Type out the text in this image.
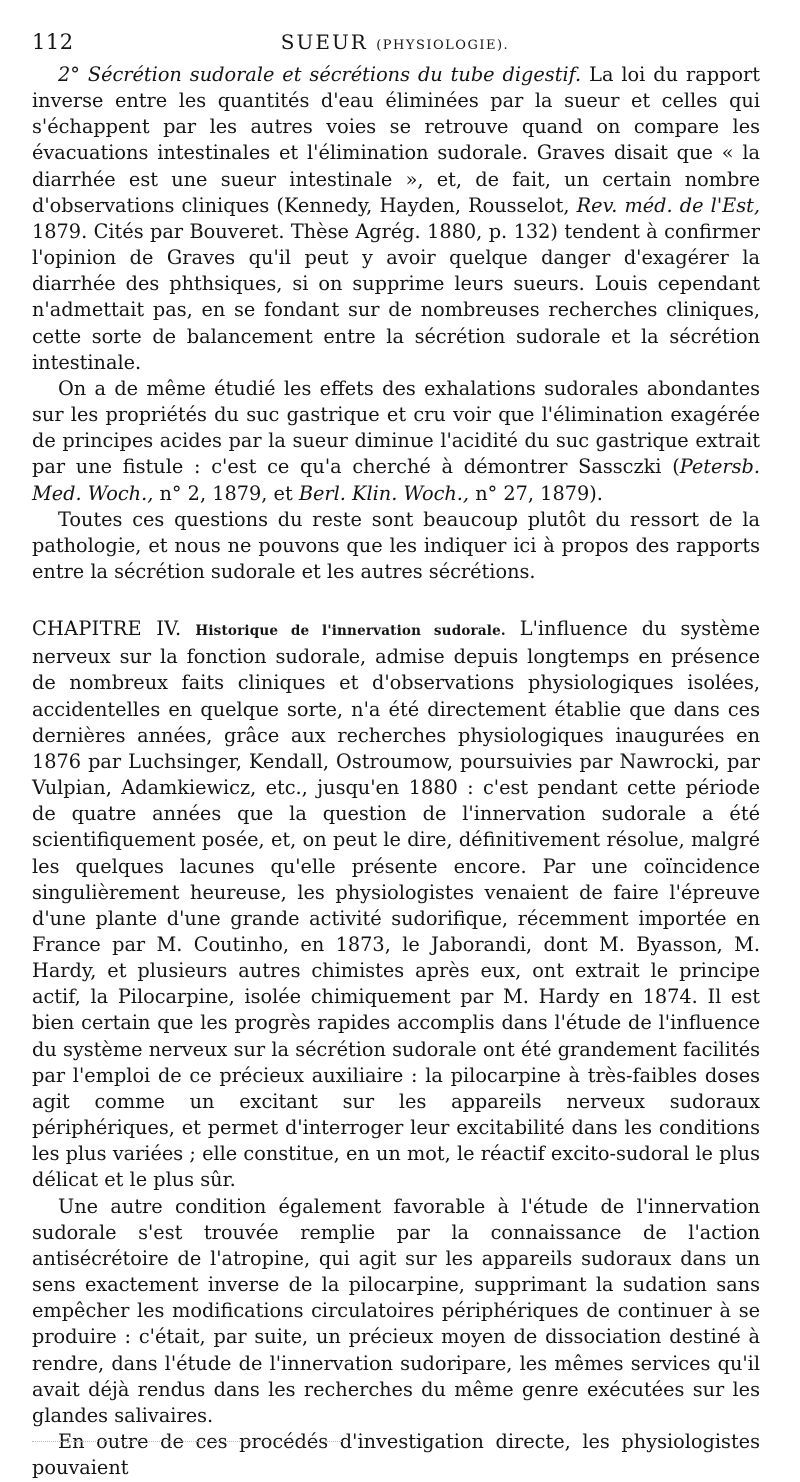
112	SUEUR (PHYSIOLOGIE).

2° Sécrétion sudorale et sécrétions du tube digestif. La loi du rapport inverse entre les quantités d'eau éliminées par la sueur et celles qui s'échappent par les autres voies se retrouve quand on compare les évacuations intestinales et l'élimination sudorale. Graves disait que « la diarrhée est une sueur intestinale », et, de fait, un certain nombre d'observations cliniques (Kennedy, Hayden, Rousselot, Rev. méd. de l'Est, 1879. Cités par Bouveret. Thèse Agrég. 1880, p. 132) tendent à confirmer l'opinion de Graves qu'il peut y avoir quelque danger d'exagérer la diarrhée des phthsiques, si on supprime leurs sueurs. Louis cependant n'admettait pas, en se fondant sur de nombreuses recherches cliniques, cette sorte de balancement entre la sécrétion sudorale et la sécrétion intestinale.

On a de même étudié les effets des exhalations sudorales abondantes sur les propriétés du suc gastrique et cru voir que l'élimination exagérée de principes acides par la sueur diminue l'acidité du suc gastrique extrait par une fistule : c'est ce qu'a cherché à démontrer Sassczki (Petersb. Med. Woch., n° 2, 1879, et Berl. Klin. Woch., n° 27, 1879).

Toutes ces questions du reste sont beaucoup plutôt du ressort de la pathologie, et nous ne pouvons que les indiquer ici à propos des rapports entre la sécrétion sudorale et les autres sécrétions.

CHAPITRE IV. Historique de l'innervation sudorale. L'influence du système nerveux sur la fonction sudorale, admise depuis longtemps en présence de nombreux faits cliniques et d'observations physiologiques isolées, accidentelles en quelque sorte, n'a été directement établie que dans ces dernières années, grâce aux recherches physiologiques inaugurées en 1876 par Luchsinger, Kendall, Ostroumow, poursuivies par Nawrocki, par Vulpian, Adamkiewicz, etc., jusqu'en 1880 : c'est pendant cette période de quatre années que la question de l'innervation sudorale a été scientifiquement posée, et, on peut le dire, définitivement résolue, malgré les quelques lacunes qu'elle présente encore. Par une coïncidence singulièrement heureuse, les physiologistes venaient de faire l'épreuve d'une plante d'une grande activité sudorifique, récemment importée en France par M. Coutinho, en 1873, le Jaborandi, dont M. Byasson, M. Hardy, et plusieurs autres chimistes après eux, ont extrait le principe actif, la Pilocarpine, isolée chimiquement par M. Hardy en 1874. Il est bien certain que les progrès rapides accomplis dans l'étude de l'influence du système nerveux sur la sécrétion sudorale ont été grandement facilités par l'emploi de ce précieux auxiliaire : la pilocarpine à très-faibles doses agit comme un excitant sur les appareils nerveux sudoraux périphériques, et permet d'interroger leur excitabilité dans les conditions les plus variées ; elle constitue, en un mot, le réactif excito-sudoral le plus délicat et le plus sûr.

Une autre condition également favorable à l'étude de l'innervation sudorale s'est trouvée remplie par la connaissance de l'action antisécrétoire de l'atropine, qui agit sur les appareils sudoraux dans un sens exactement inverse de la pilocarpine, supprimant la sudation sans empêcher les modifications circulatoires périphériques de continuer à se produire : c'était, par suite, un précieux moyen de dissociation destiné à rendre, dans l'étude de l'innervation sudoripare, les mêmes services qu'il avait déjà rendus dans les recherches du même genre exécutées sur les glandes salivaires.

En outre de ces procédés d'investigation directe, les physiologistes pouvaient
